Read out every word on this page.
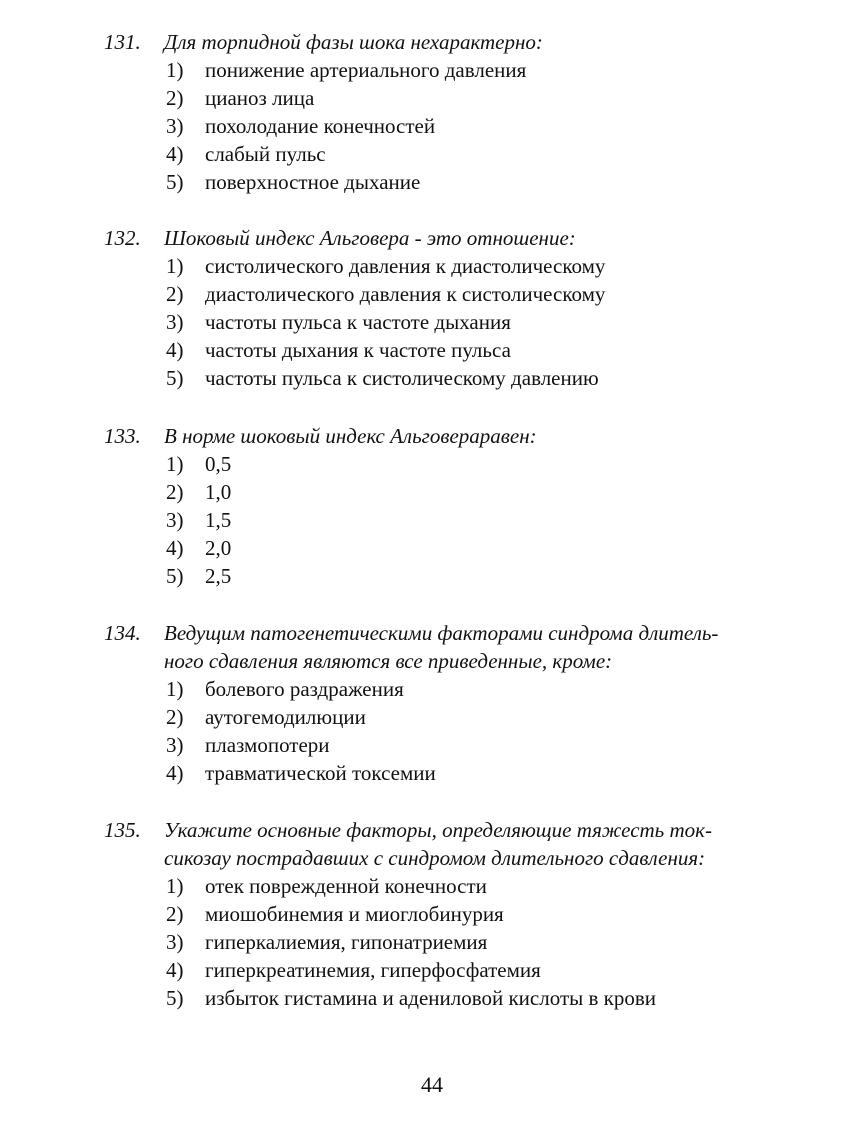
131. Для торпидной фазы шока нехарактерно:
1) понижение артериального давления
2) цианоз лица
3) похолодание конечностей
4) слабый пульс
5) поверхностное дыхание
132. Шоковый индекс Альговера - это отношение:
1) систолического давления к диастолическому
2) диастолического давления к систолическому
3) частоты пульса к частоте дыхания
4) частоты дыхания к частоте пульса
5) частоты пульса к систолическому давлению
133. В норме шоковый индекс Альговераравен:
1) 0,5
2) 1,0
3) 1,5
4) 2,0
5) 2,5
134. Ведущим патогенетическими факторами синдрома длитель-
ного сдавления являются все приведенные, кроме:
1) болевого раздражения
2) аутогемодилюции
3) плазмопотери
4) травматической токсемии
135. Укажите основные факторы, определяющие тяжесть ток-
сикозау пострадавших с синдромом длительного сдавления:
1) отек поврежденной конечности
2) миошобинемия и миоглобинурия
3) гиперкалиемия, гипонатриемия
4) гиперкреатинемия, гиперфосфатемия
5) избыток гистамина и адениловой кислоты в крови
44
